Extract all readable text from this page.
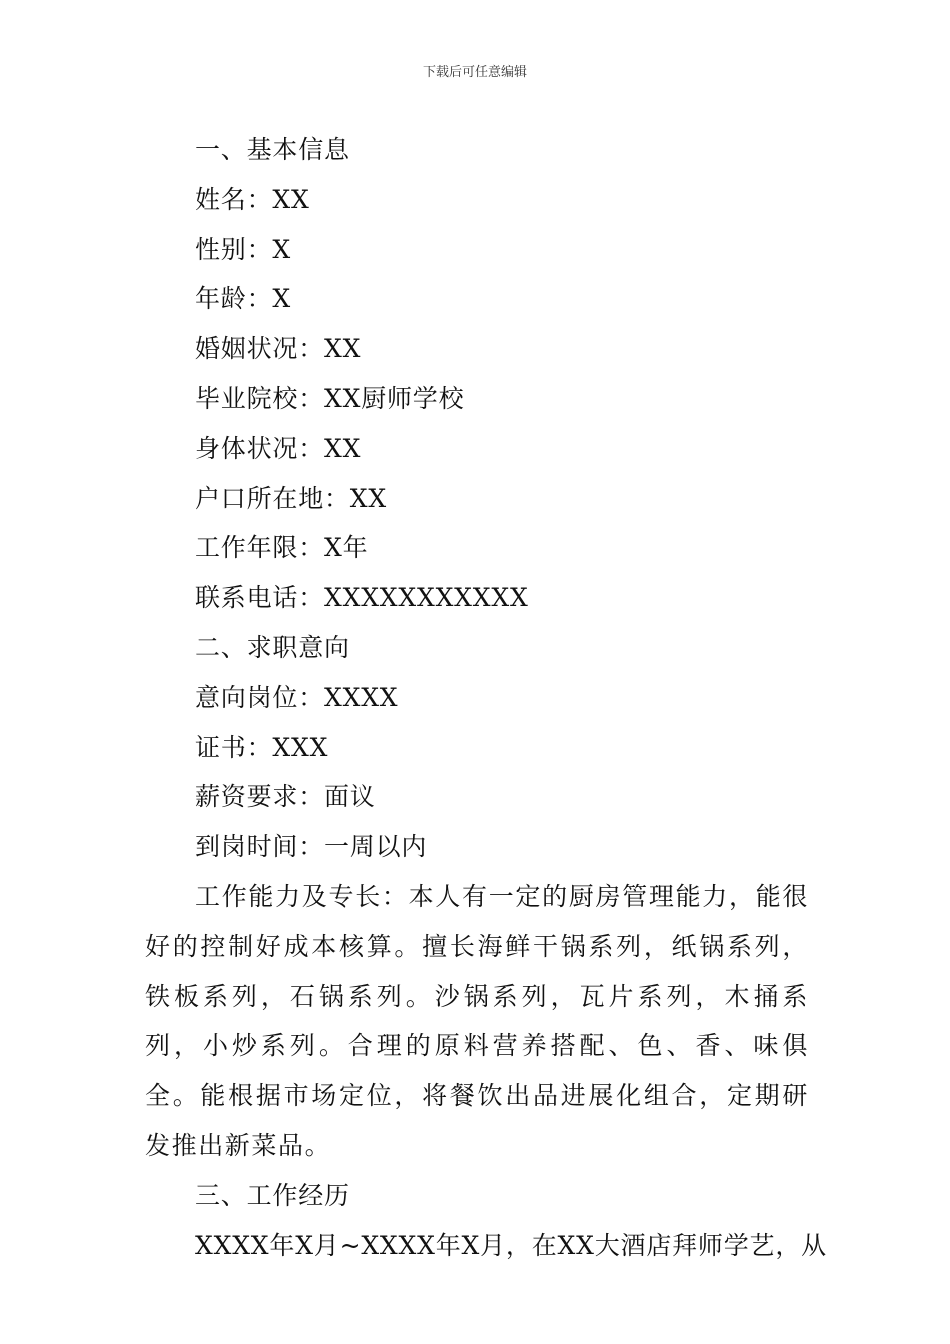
下载后可任意编辑

一、基本信息

姓名：XX

性别：X

年龄：X

婚姻状况：XX

毕业院校：XX厨师学校

身体状况：XX

户口所在地：XX

工作年限：X年

联系电话：XXXXXXXXXXX

二、求职意向

意向岗位：XXXX

证书：XXX

薪资要求：面议

到岗时间：一周以内

工作能力及专长：本人有一定的厨房管理能力，能很好的控制好成本核算。擅长海鲜干锅系列，纸锅系列，铁板系列，石锅系列。沙锅系列，瓦片系列，木捅系列，小炒系列。合理的原料营养搭配、色、香、味俱全。能根据市场定位，将餐饮出品进展化组合，定期研发推出新菜品。

三、工作经历

XXXX年X月~XXXX年X月，在XX大酒店拜师学艺，从
